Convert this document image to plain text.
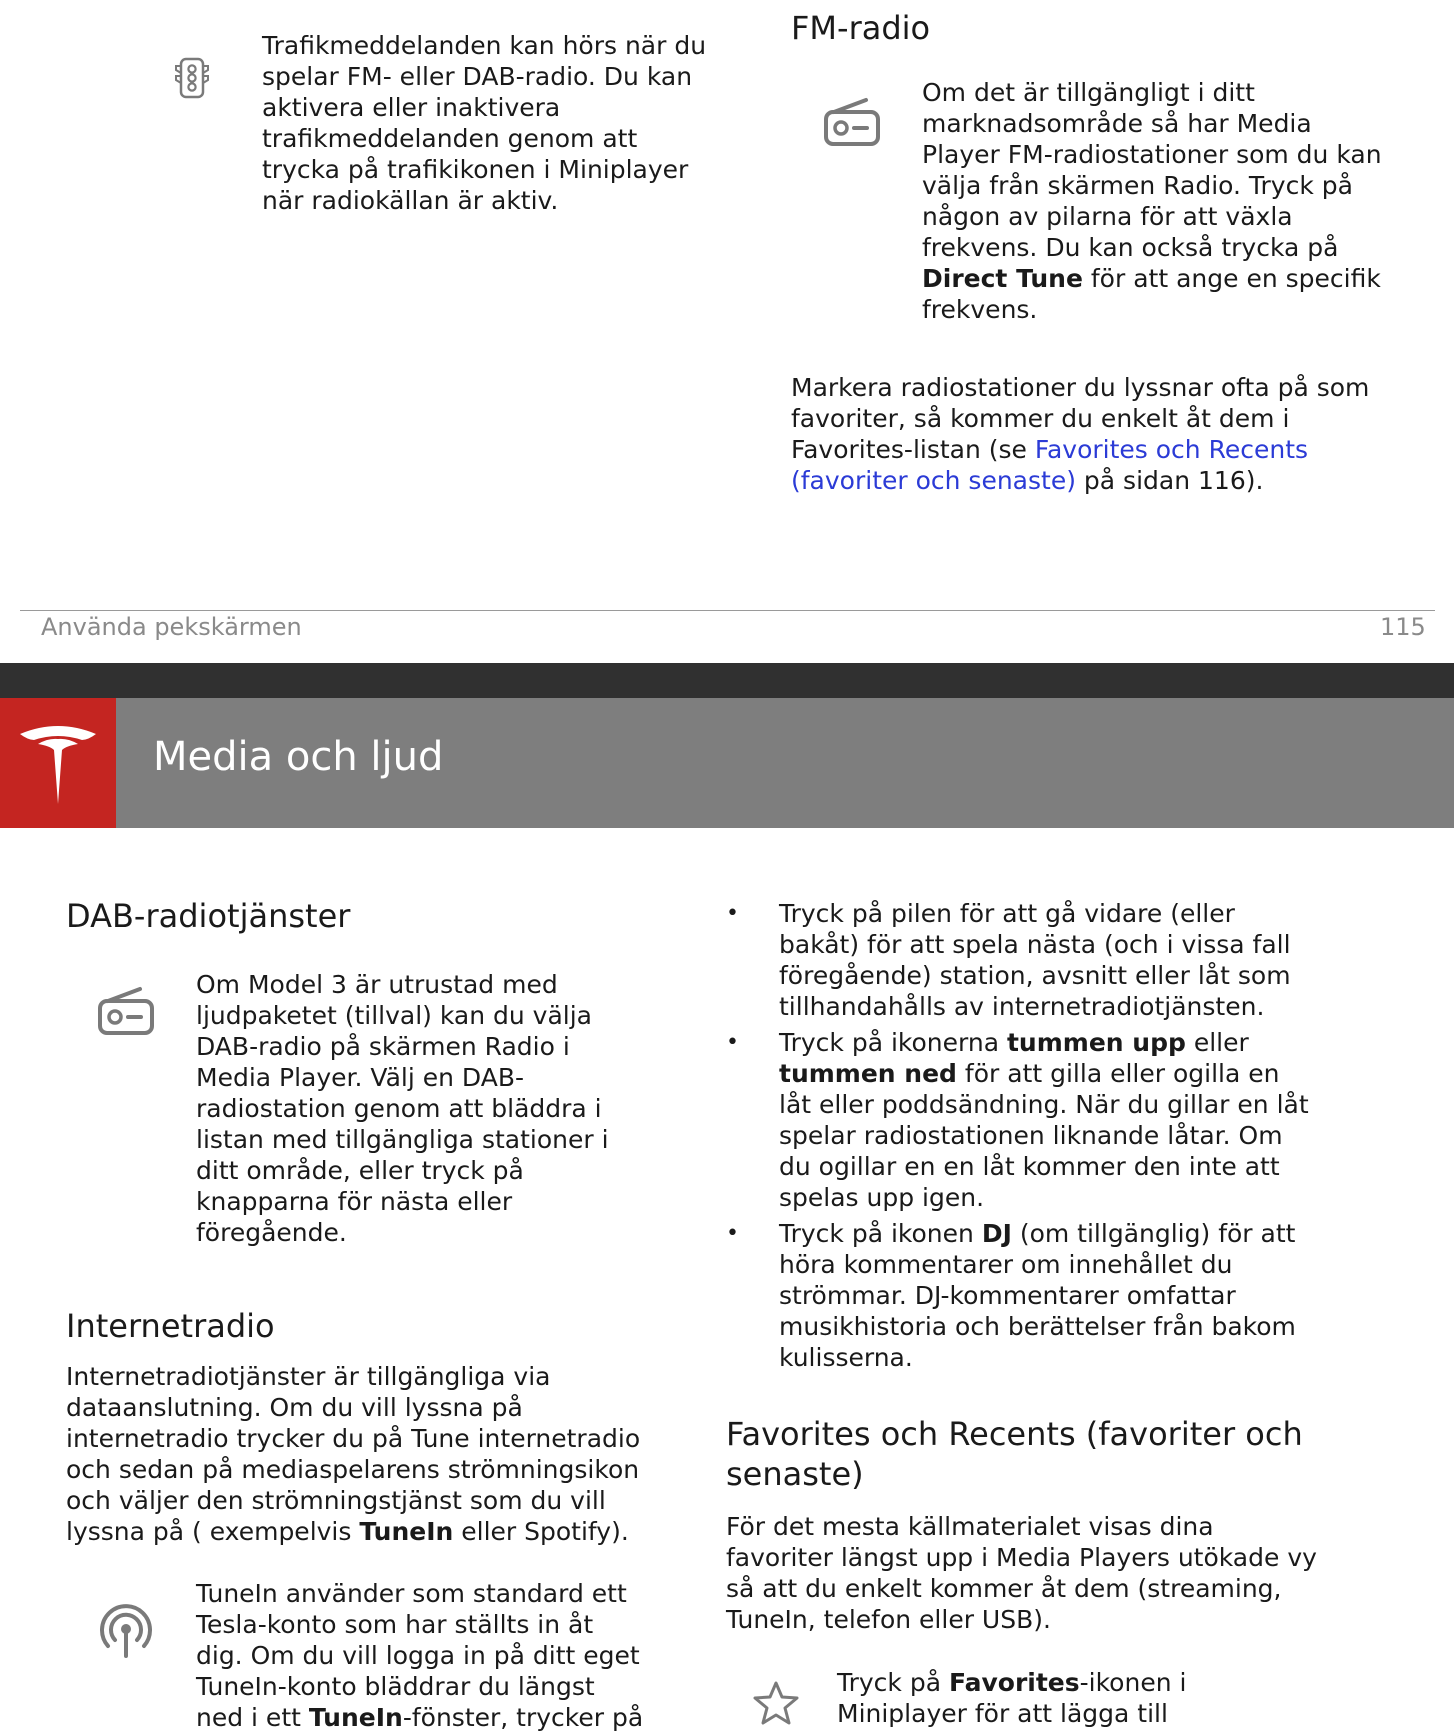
Trafikmeddelanden kan hörs när du spelar FM- eller DAB-radio. Du kan aktivera eller inaktivera trafikmeddelanden genom att trycka på trafikikonen i Miniplayer när radiokällan är aktiv.
FM-radio
Om det är tillgängligt i ditt marknadsområde så har Media Player FM-radiostationer som du kan välja från skärmen Radio. Tryck på någon av pilarna för att växla frekvens. Du kan också trycka på Direct Tune för att ange en specifik frekvens.
Markera radiostationer du lyssnar ofta på som favoriter, så kommer du enkelt åt dem i Favorites-listan (se Favorites och Recents (favoriter och senaste) på sidan 116).
Använda pekskärmen	115
Media och ljud
DAB-radiotjänster
Om Model 3 är utrustad med ljudpaketet (tillval) kan du välja DAB-radio på skärmen Radio i Media Player. Välj en DAB-radiostation genom att bläddra i listan med tillgängliga stationer i ditt område, eller tryck på knapparna för nästa eller föregående.
Internetradio
Internetradiotjänster är tillgängliga via dataanslutning. Om du vill lyssna på internetradio trycker du på Tune internetradio och sedan på mediaspelarens strömningsikon och väljer den strömningstjänst som du vill lyssna på ( exempelvis TuneIn eller Spotify).
TuneIn använder som standard ett Tesla-konto som har ställts in åt dig. Om du vill logga in på ditt eget TuneIn-konto bläddrar du längst ned i ett TuneIn-fönster, trycker på
• Tryck på pilen för att gå vidare (eller bakåt) för att spela nästa (och i vissa fall föregående) station, avsnitt eller låt som tillhandahålls av internetradiotjänsten.
• Tryck på ikonerna tummen upp eller tummen ned för att gilla eller ogilla en låt eller poddsändning. När du gillar en låt spelar radiostationen liknande låtar. Om du ogillar en en låt kommer den inte att spelas upp igen.
• Tryck på ikonen DJ (om tillgänglig) för att höra kommentarer om innehållet du strömmar. DJ-kommentarer omfattar musikhistoria och berättelser från bakom kulisserna.
Favorites och Recents (favoriter och senaste)
För det mesta källmaterialet visas dina favoriter längst upp i Media Players utökade vy så att du enkelt kommer åt dem (streaming, TuneIn, telefon eller USB).
Tryck på Favorites-ikonen i Miniplayer för att lägga till
